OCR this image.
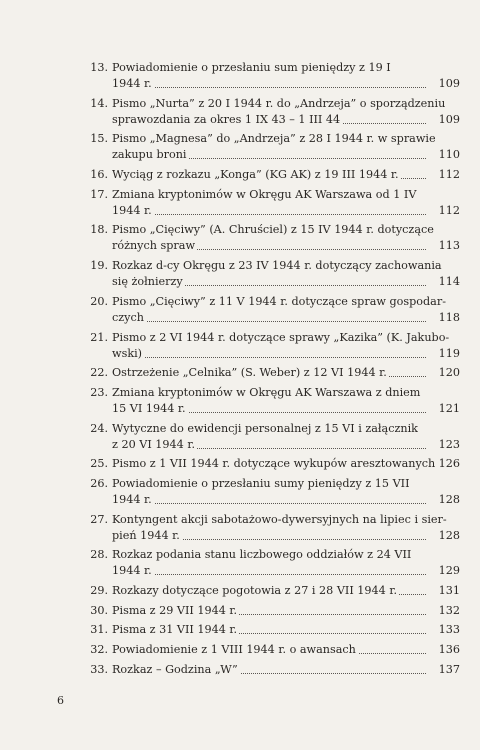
13. Powiadomienie o przesłaniu sum pieniędzy z 19 I
1944 r.	109
14. Pismo „Nurta” z 20 I 1944 r. do „Andrzeja” o sporządzeniu
sprawozdania za okres 1 IX 43 – 1 III 44	109
15. Pismo „Magnesa” do „Andrzeja” z 28 I 1944 r. w sprawie
zakupu broni	110
16. Wyciąg z rozkazu „Konga” (KG AK) z 19 III 1944 r.	112
17. Zmiana kryptonimów w Okręgu AK Warszawa od 1 IV
1944 r.	112
18. Pismo „Cięciwy” (A. Chruściel) z 15 IV 1944 r. dotyczące
różnych spraw	113
19. Rozkaz d-cy Okręgu z 23 IV 1944 r. dotyczący zachowania
się żołnierzy	114
20. Pismo „Cięciwy” z 11 V 1944 r. dotyczące spraw gospodar-
czych	118
21. Pismo z 2 VI 1944 r. dotyczące sprawy „Kazika” (K. Jakubo-
wski)	119
22. Ostrzeżenie „Celnika” (S. Weber) z 12 VI 1944 r.	120
23. Zmiana kryptonimów w Okręgu AK Warszawa z dniem
15 VI 1944 r.	121
24. Wytyczne do ewidencji personalnej z 15 VI i załącznik
z 20 VI 1944 r.	123
25. Pismo z 1 VII 1944 r. dotyczące wykupów aresztowanych 126
26. Powiadomienie o przesłaniu sumy pieniędzy z 15 VII
1944 r.	128
27. Kontyngent akcji sabotażowo-dywersyjnych na lipiec i sier-
pień 1944 r.	128
28. Rozkaz podania stanu liczbowego oddziałów z 24 VII
1944 r.	129
29. Rozkazy dotyczące pogotowia z 27 i 28 VII 1944 r.	131
30. Pisma z 29 VII 1944 r.	132
31. Pisma z 31 VII 1944 r.	133
32. Powiadomienie z 1 VIII 1944 r. o awansach	136
33. Rozkaz – Godzina „W”	137
6
